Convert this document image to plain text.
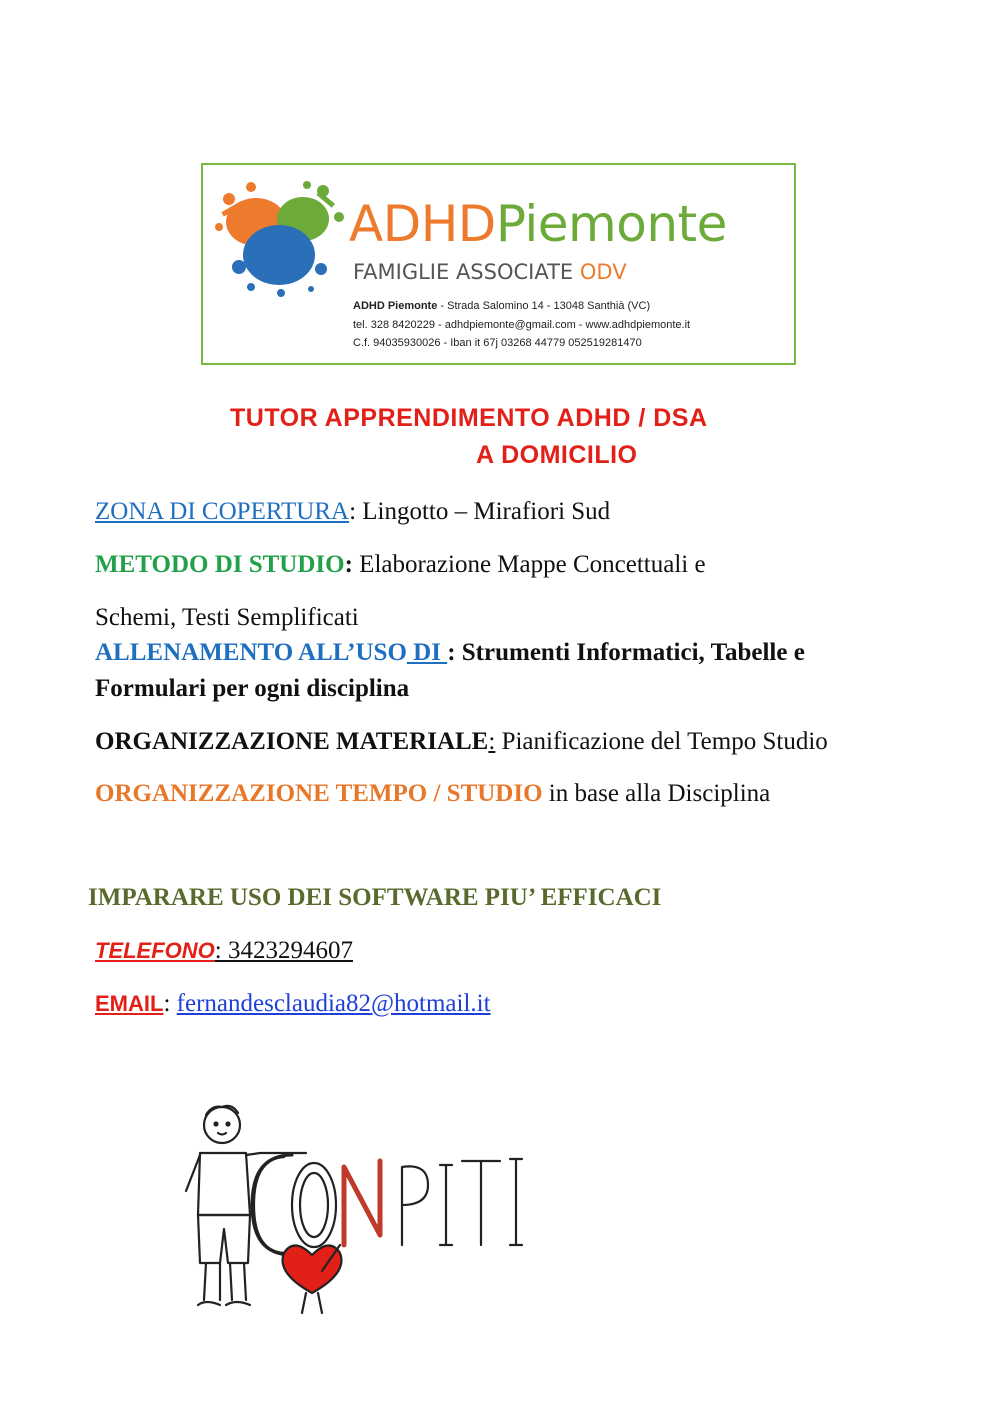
ADHDPiemonte
FAMIGLIE ASSOCIATE ODV
ADHD Piemonte - Strada Salomino 14 - 13048 Santhià (VC)
tel. 328 8420229 - adhdpiemonte@gmail.com - www.adhdpiemonte.it
C.f. 94035930026 - Iban it 67j 03268 44779 052519281470
TUTOR APPRENDIMENTO ADHD / DSA
A DOMICILIO
ZONA DI COPERTURA: Lingotto – Mirafiori Sud
METODO DI STUDIO: Elaborazione Mappe Concettuali e
Schemi, Testi Semplificati
ALLENAMENTO ALL’USO DI : Strumenti Informatici, Tabelle e
Formulari per ogni disciplina
ORGANIZZAZIONE MATERIALE: Pianificazione del Tempo Studio
ORGANIZZAZIONE TEMPO / STUDIO in base alla Disciplina
IMPARARE USO DEI SOFTWARE PIU’ EFFICACI
TELEFONO: 3423294607
EMAIL: fernandesclaudia82@hotmail.it
